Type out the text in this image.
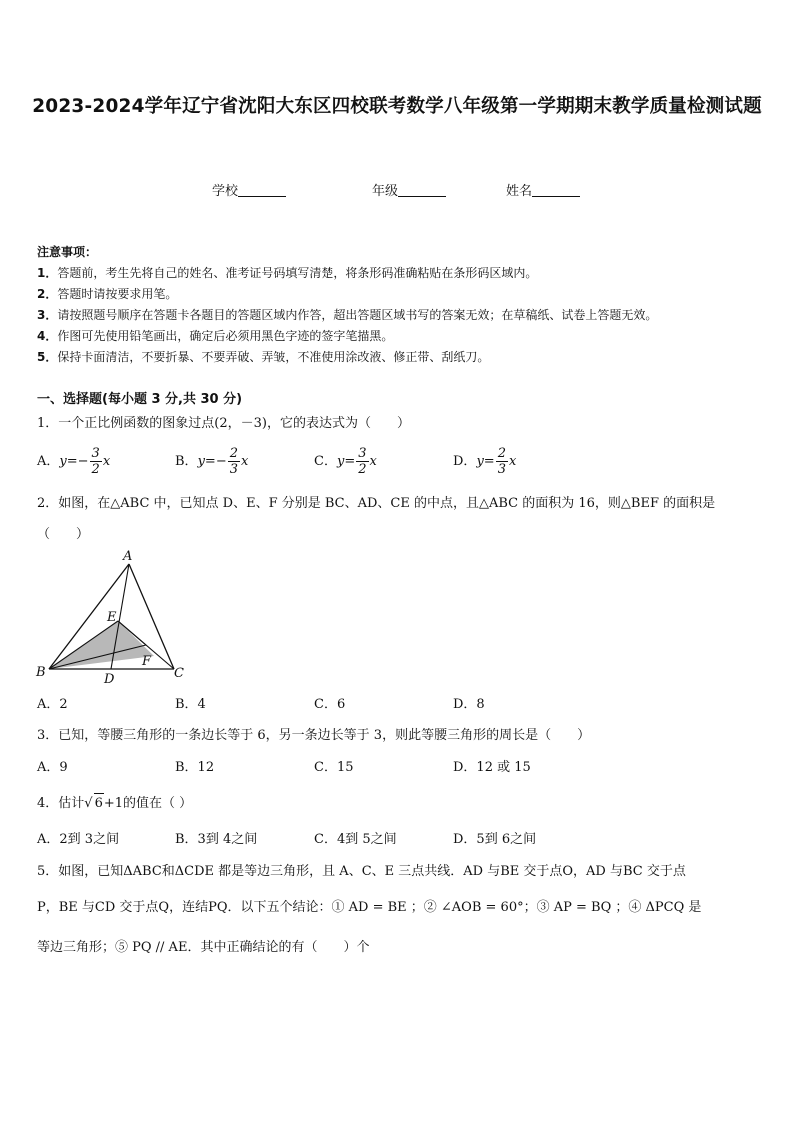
2023-2024学年辽宁省沈阳大东区四校联考数学八年级第一学期期末教学质量检测试题
学校	年级	姓名
注意事项：
1．答题前，考生先将自己的姓名、准考证号码填写清楚，将条形码准确粘贴在条形码区域内。
2．答题时请按要求用笔。
3．请按照题号顺序在答题卡各题目的答题区域内作答，超出答题区域书写的答案无效；在草稿纸、试卷上答题无效。
4．作图可先使用铅笔画出，确定后必须用黑色字迹的签字笔描黑。
5．保持卡面清洁，不要折暴、不要弄破、弄皱，不准使用涂改液、修正带、刮纸刀。
一、选择题(每小题 3 分,共 30 分)
1．一个正比例函数的图象过点(2，－3)，它的表达式为（　　）
A．$y=- \frac{3}{2}$ x	B．$y=- \frac{2}{3}$ x	C．$y= \frac{3}{2}$ x	D．$y= \frac{2}{3}$ x
2．如图，在△ABC 中，已知点 D、E、F 分别是 BC、AD、CE 的中点，且△ABC 的面积为 16，则△BEF 的面积是（　　）
A
B	C
D
E
F
A．2	B．4	C．6	D．8
3．已知，等腰三角形的一条边长等于 6，另一条边长等于 3，则此等腰三角形的周长是（　　）
A．9	B．12	C．15	D．12 或 15
4．估计√ 6+1的值在（ ）
A．2到 3之间	B．3到 4之间	C．4到 5之间	D．5到 6之间
5．如图，已知ΔABC和ΔCDE 都是等边三角形，且 A、C、E 三点共线．AD 与BE 交于点O，AD 与BC 交于点
P，BE 与CD 交于点Q，连结PQ．以下五个结论：① AD = BE ；② ∠AOB = 60°；③ AP = BQ ；④ ΔPCQ 是
等边三角形；⑤ PQ // AE．其中正确结论的有（　　）个
